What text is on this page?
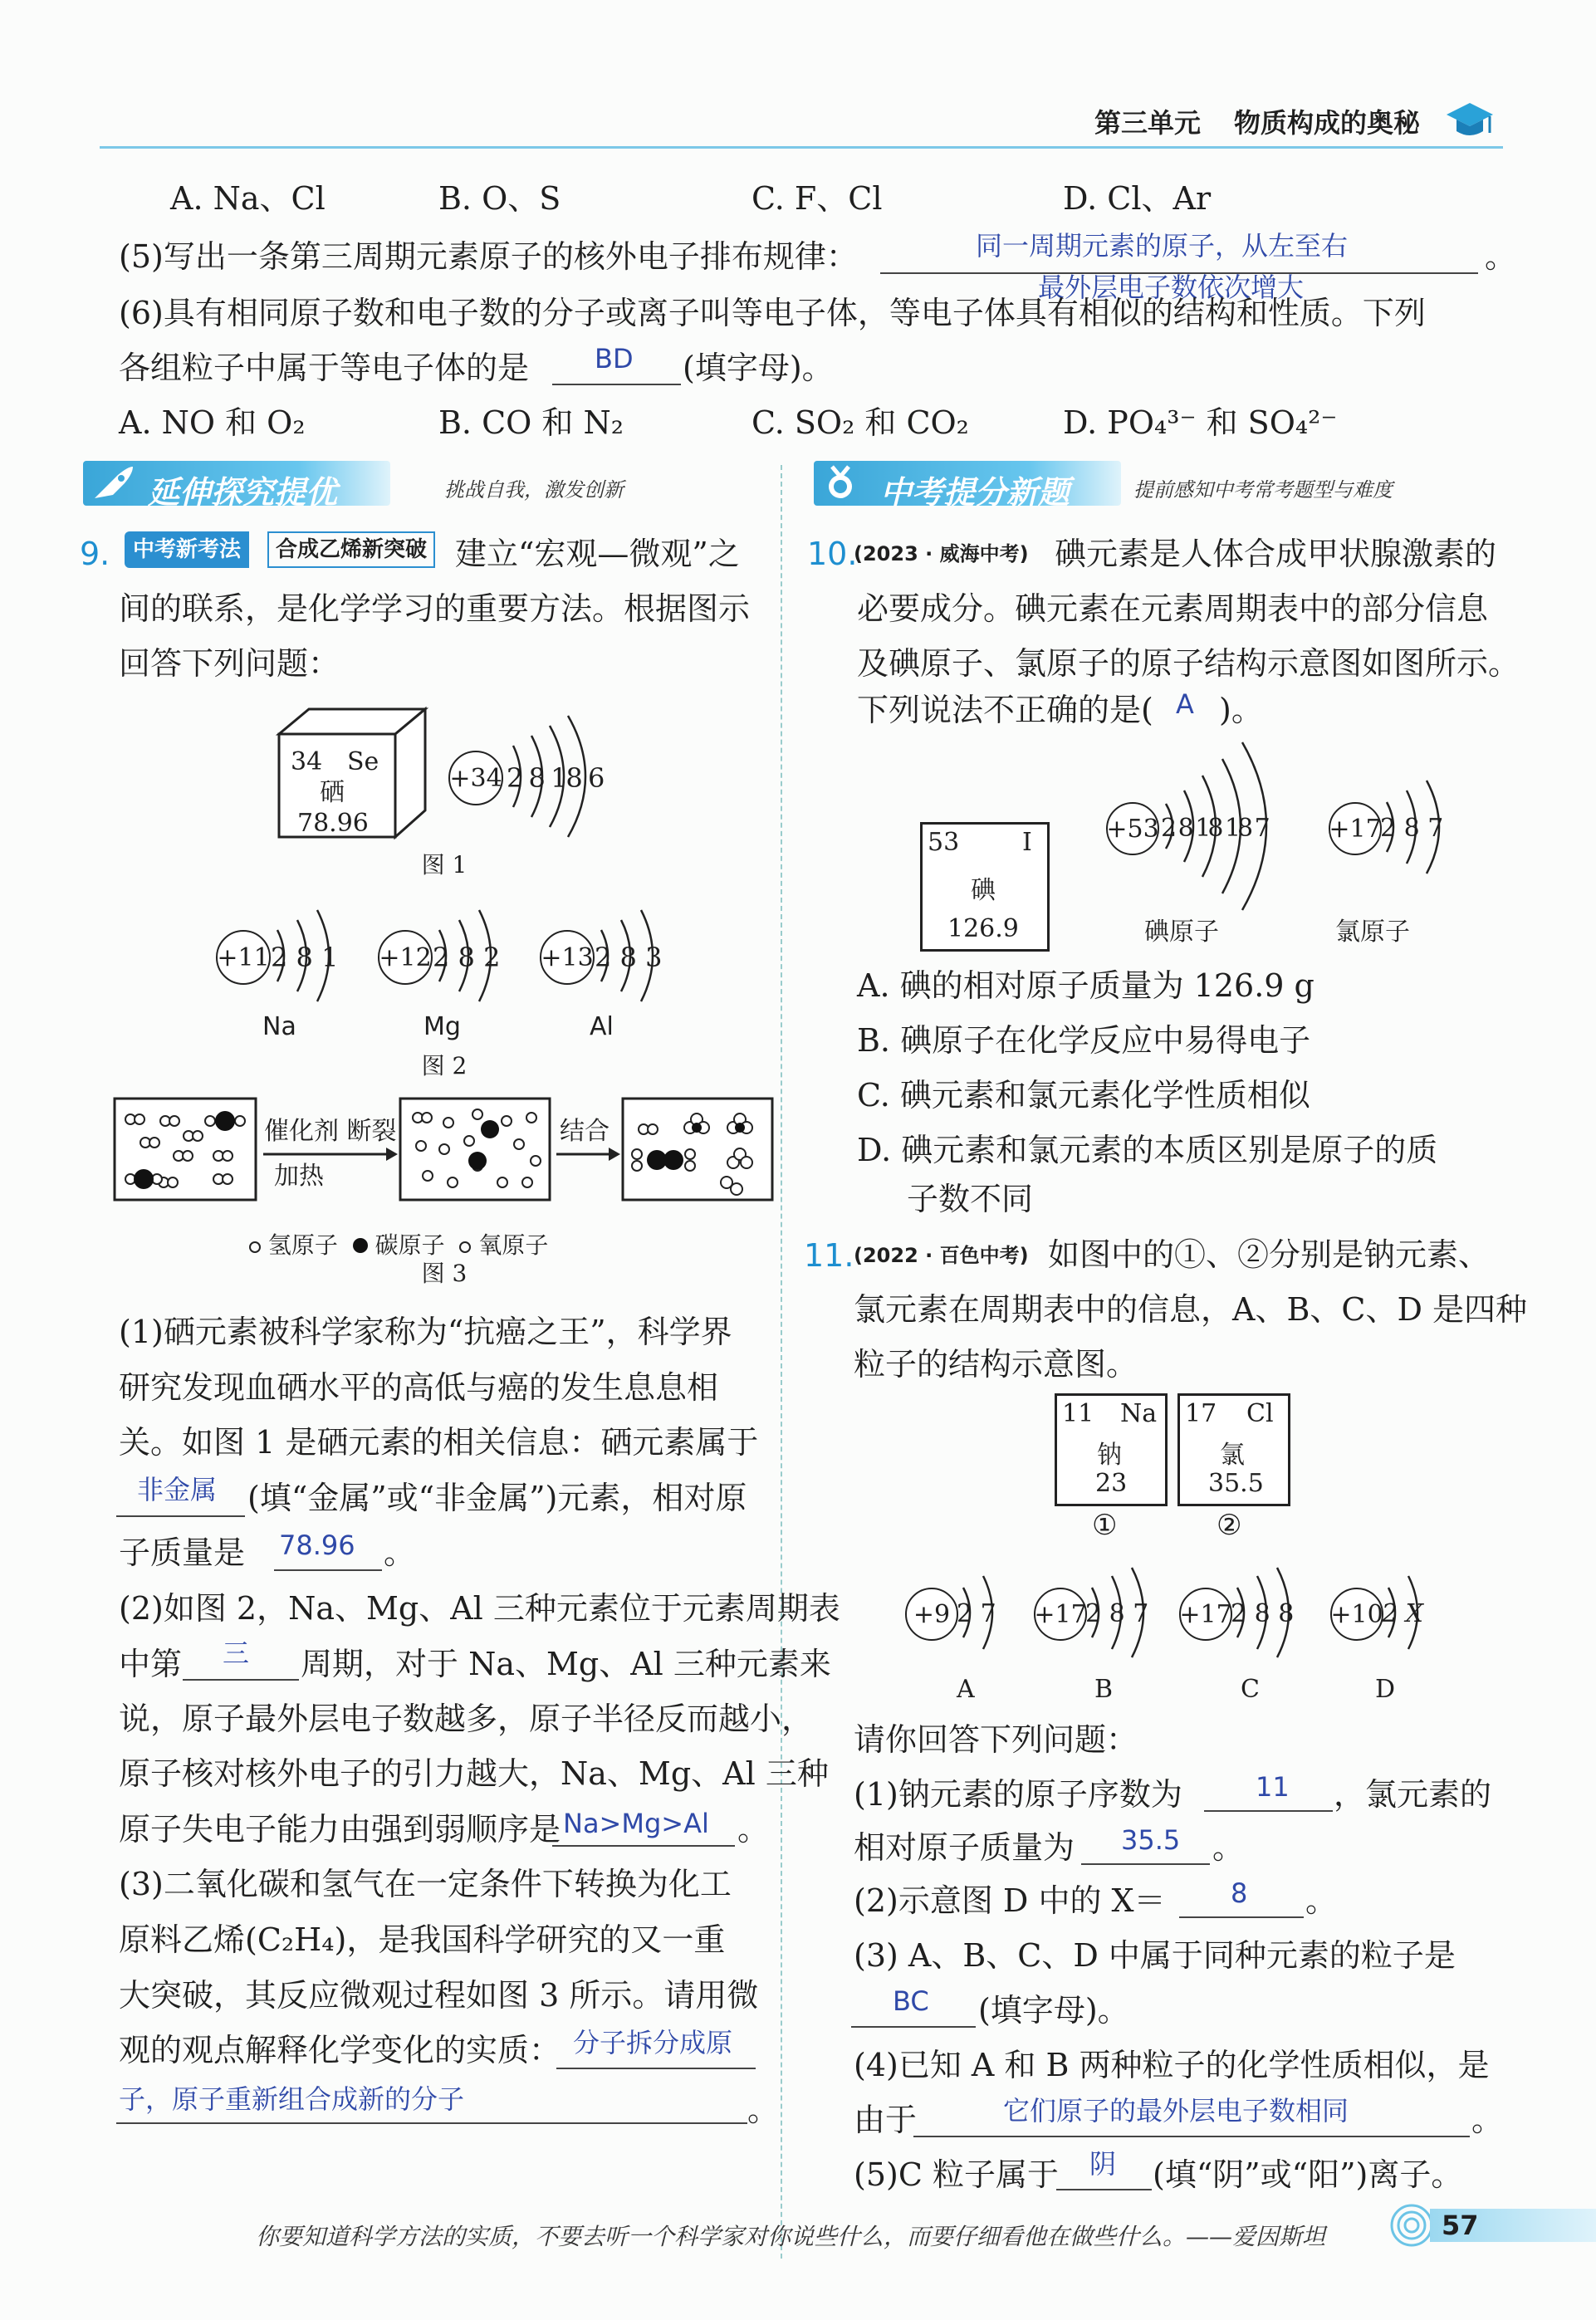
第三单元 物质构成的奥秘
A. Na、Cl	B. O、S	C. F、Cl	D. Cl、Ar
(5)写出一条第三周期元素原子的核外电子排布规律：	。
同一周期元素的原子，从左至右
最外层电子数依次增大
(6)具有相同原子数和电子数的分子或离子叫等电子体，等电子体具有相似的结构和性质。下列
各组粒子中属于等电子体的是 BD (填字母)。
A. NO 和 O₂	B. CO 和 N₂	C. SO₂ 和 CO₂	D. PO₄³⁻ 和 SO₄²⁻
延伸探究提优	挑战自我，激发创新	中考提分新题	提前感知中考常考题型与难度
9.	中考新考法	合成乙烯新突破 建立“宏观—微观”之
间的联系，是化学学习的重要方法。根据图示
回答下列问题：
34 Se
硒
78.96
+34 2 8 18 6
图 1
+11 2 8 1
Na
+12 2 8 2
Mg
+13 2 8 3
Al
图 2
催化剂 断裂
加热
结合
氢原子 碳原子 氧原子
图 3
(1)硒元素被科学家称为“抗癌之王”，科学界
研究发现血硒水平的高低与癌的发生息息相
关。如图 1 是硒元素的相关信息：硒元素属于
非金属 (填“金属”或“非金属”)元素，相对原
子质量是 78.96 。
(2)如图 2，Na、Mg、Al 三种元素位于元素周期表
中第 三 周期，对于 Na、Mg、Al 三种元素来
说，原子最外层电子数越多，原子半径反而越小，
原子核对核外电子的引力越大，Na、Mg、Al 三种
原子失电子能力由强到弱顺序是 Na>Mg>Al 。
(3)二氧化碳和氢气在一定条件下转换为化工
原料乙烯(C₂H₄)，是我国科学研究的又一重
大突破，其反应微观过程如图 3 所示。请用微
观的观点解释化学变化的实质： 分子拆分成原
子，原子重新组合成新的分子	。
10.
(2023 · 威海中考) 碘元素是人体合成甲状腺激素的
必要成分。碘元素在元素周期表中的部分信息
及碘原子、氯原子的原子结构示意图如图所示。
下列说法不正确的是( A )。
53	I
碘
126.9
+53 2 8 18 18 7
碘原子
+17
2 8 7
氯原子
A. 碘的相对原子质量为 126.9 g
B. 碘原子在化学反应中易得电子
C. 碘元素和氯元素化学性质相似
D. 碘元素和氯元素的本质区别是原子的质
子数不同
11. (2022 · 百色中考) 如图中的①、②分别是钠元素、
氯元素在周期表中的信息，A、B、C、D 是四种
粒子的结构示意图。
11 Na
钠
23
17 Cl
氯
35.5
①	②
+9 2 7
A
+17
2 8 7
B
+17
2 8 8
C
+10
2 X
D
请你回答下列问题：
(1)钠元素的原子序数为	11 ，氯元素的
相对原子质量为 35.5 。
(2)示意图 D 中的 X＝ 8 。
(3) A、B、C、D 中属于同种元素的粒子是
BC (填字母)。
(4)已知 A 和 B 两种粒子的化学性质相似，是
由于	它们原子的最外层电子数相同	。
(5)C 粒子属于 阴 (填“阴”或“阳”)离子。
你要知道科学方法的实质，不要去听一个科学家对你说些什么，而要仔细看他在做些什么。——爱因斯坦	57
